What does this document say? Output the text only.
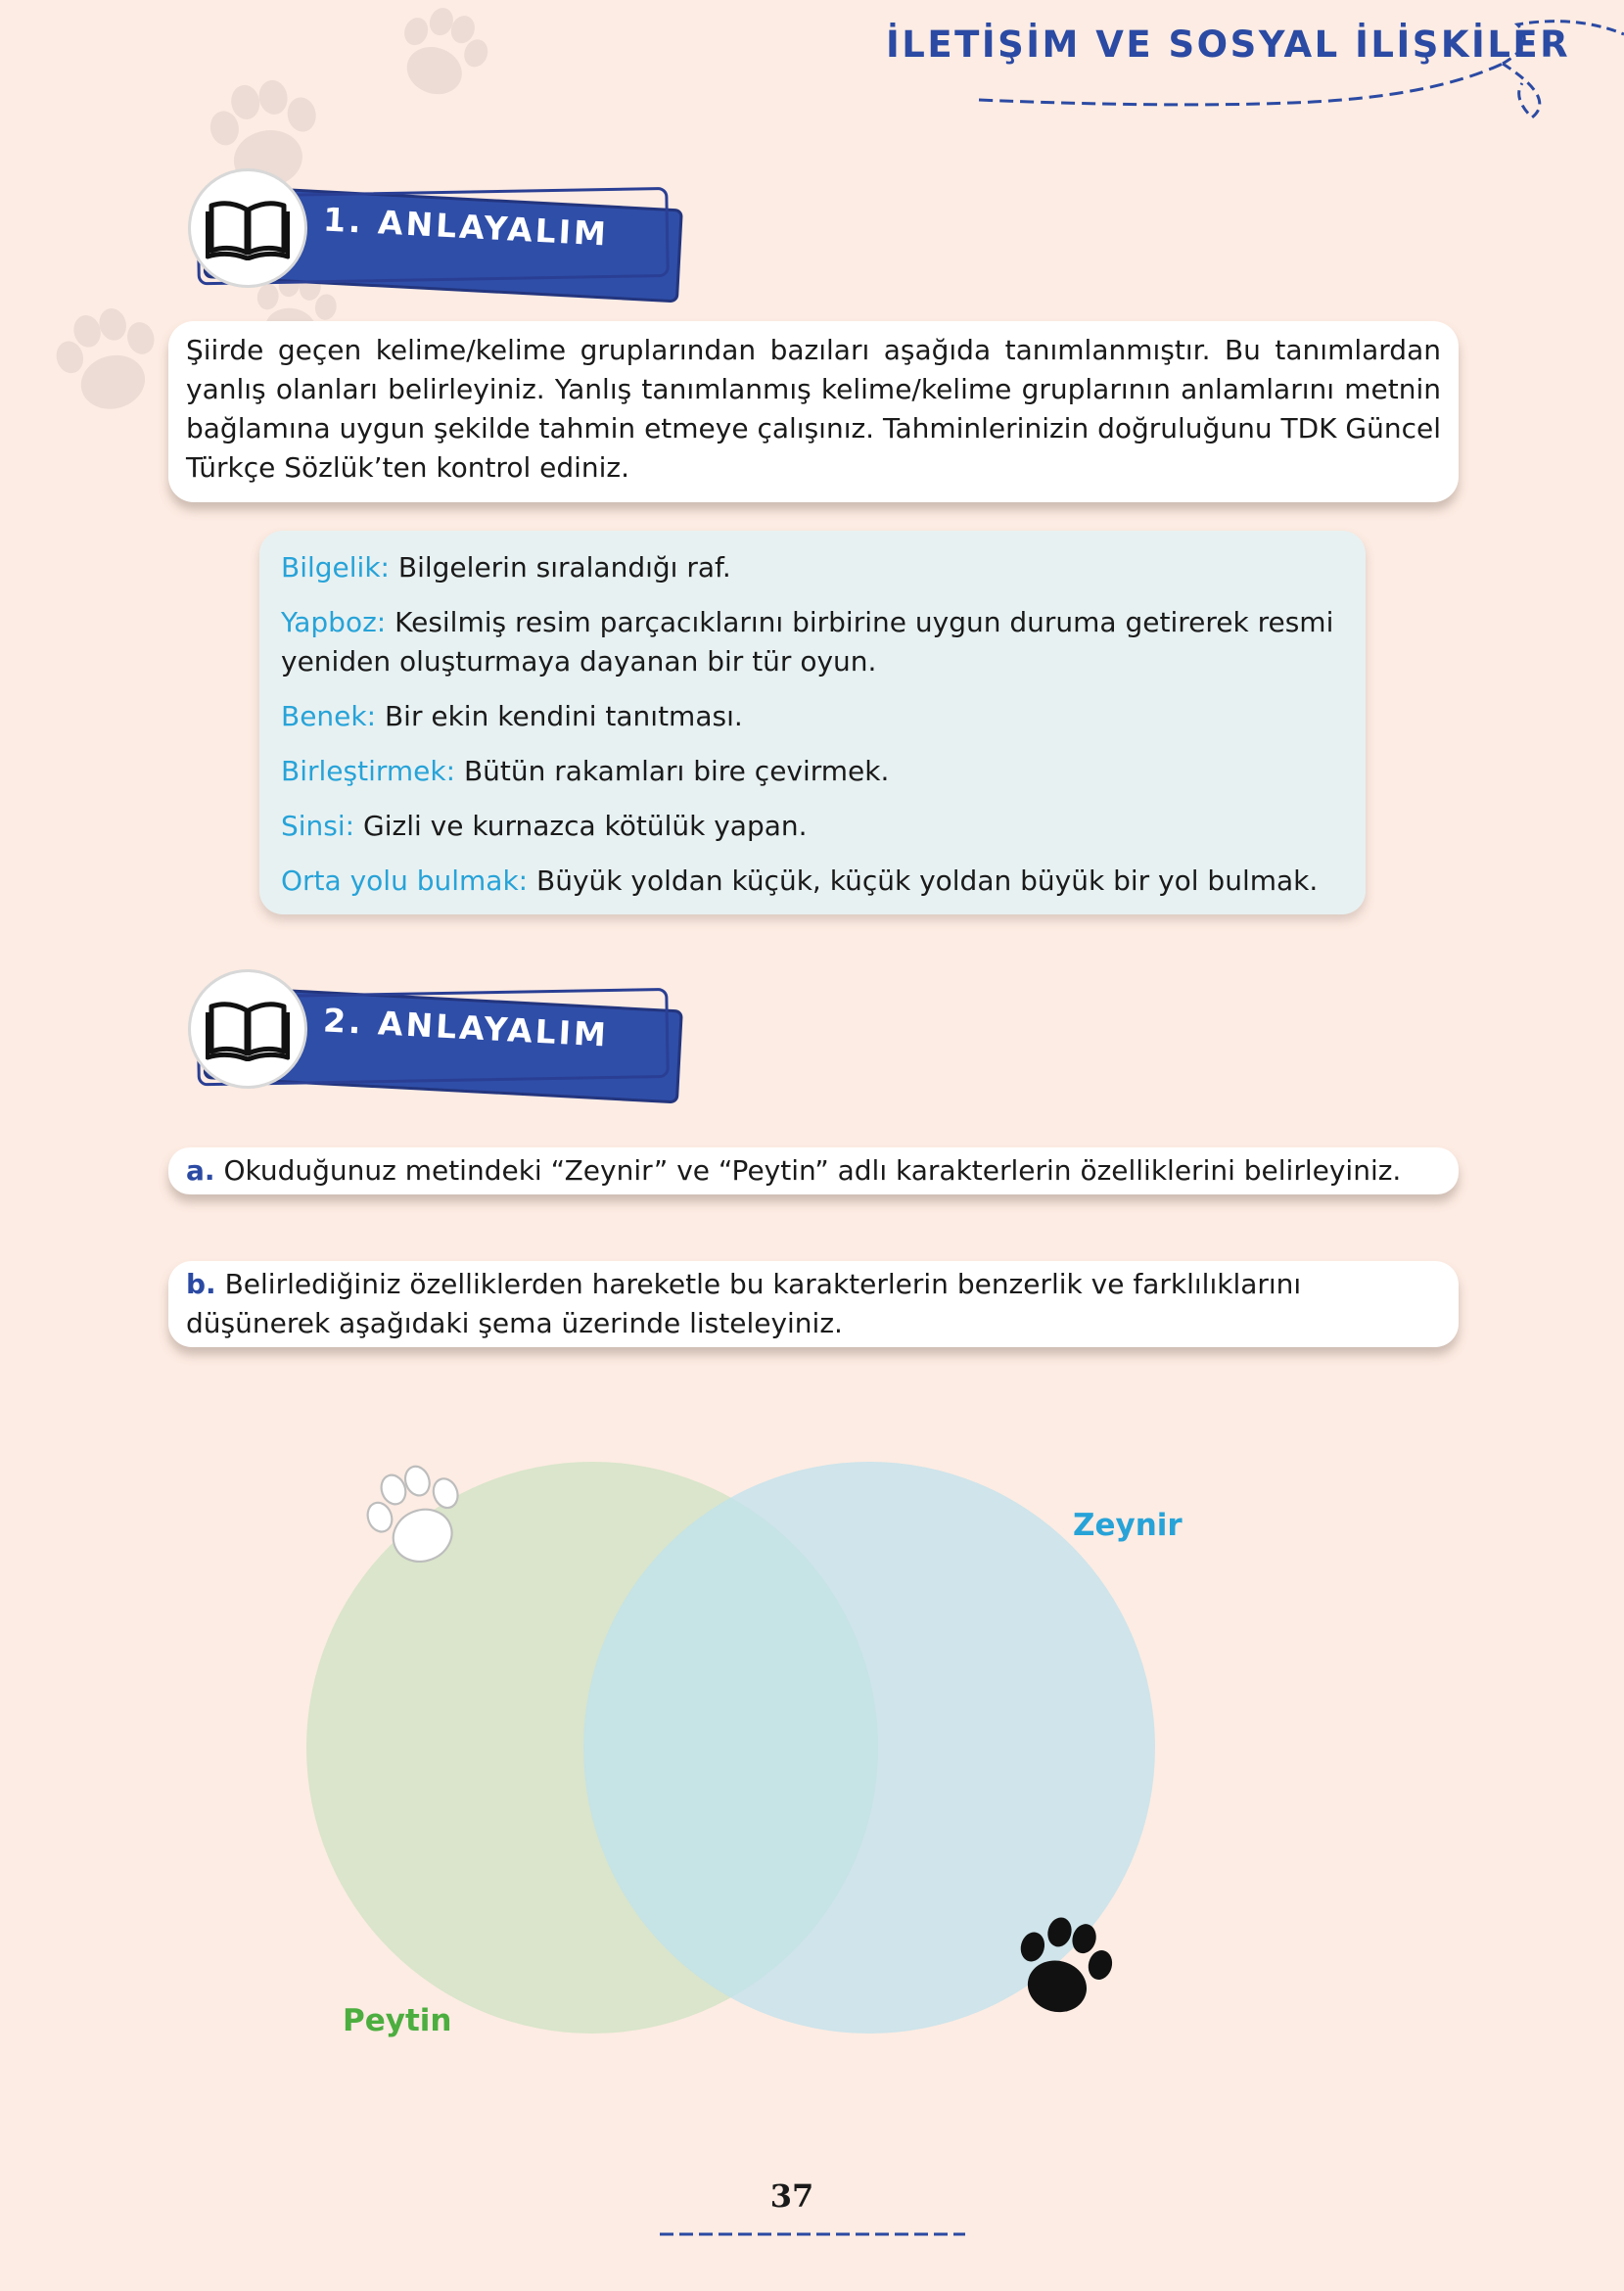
İLETİŞİM VE SOSYAL İLİŞKİLER
1. ANLAYALIM
Şiirde geçen kelime/kelime gruplarından bazıları aşağıda tanımlanmıştır. Bu tanımlardan yanlış olanları belirleyiniz. Yanlış tanımlanmış kelime/kelime gruplarının anlamlarını metnin bağlamına uygun şekilde tahmin etmeye çalışınız. Tahminlerinizin doğruluğunu TDK Güncel Türkçe Sözlük’ten kontrol ediniz.
Bilgelik: Bilgelerin sıralandığı raf.
Yapboz: Kesilmiş resim parçacıklarını birbirine uygun duruma getirerek resmi yeniden oluşturmaya dayanan bir tür oyun.
Benek: Bir ekin kendini tanıtması.
Birleştirmek: Bütün rakamları bire çevirmek.
Sinsi: Gizli ve kurnazca kötülük yapan.
Orta yolu bulmak: Büyük yoldan küçük, küçük yoldan büyük bir yol bulmak.
2. ANLAYALIM
a. Okuduğunuz metindeki “Zeynir” ve “Peytin” adlı karakterlerin özelliklerini belirleyiniz.
b. Belirlediğiniz özelliklerden hareketle bu karakterlerin benzerlik ve farklılıklarını düşünerek aşağıdaki şema üzerinde listeleyiniz.
Zeynir
Peytin
37
